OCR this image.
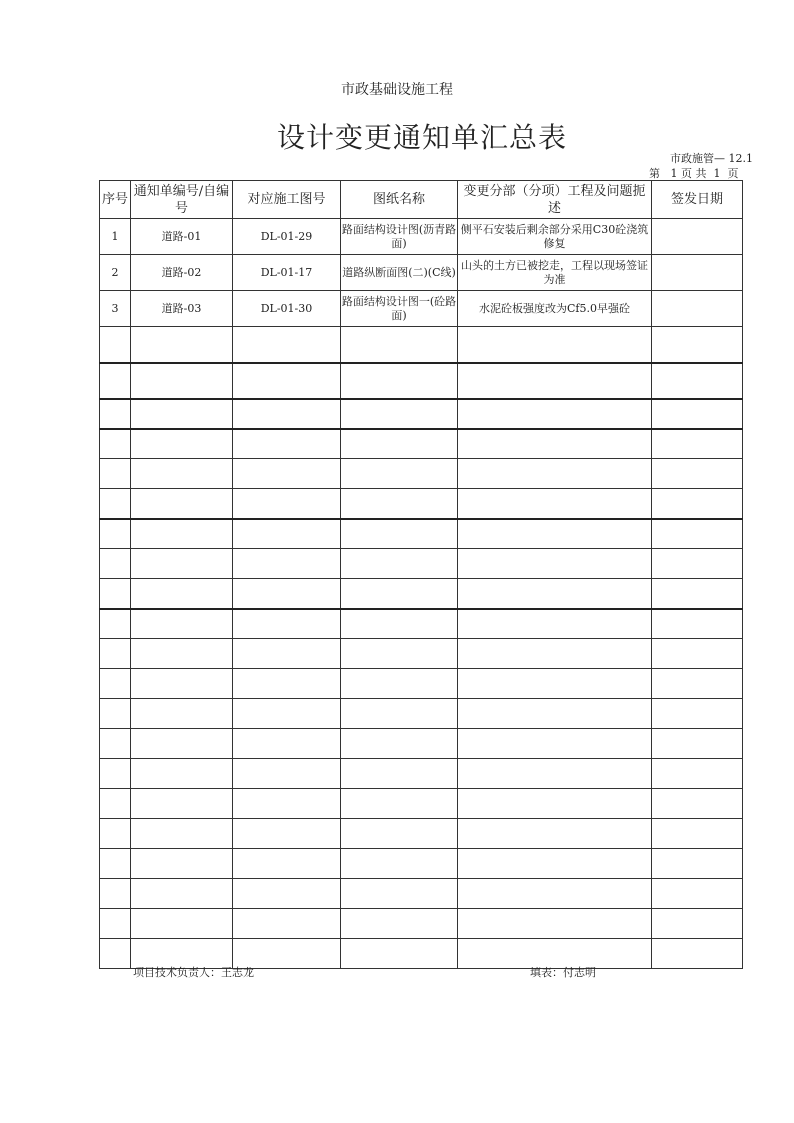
市政基础设施工程
设计变更通知单汇总表
市政施管— 12.1
第   1 页 共  1  页
序号	通知单编号/自编号	对应施工图号	图纸名称	变更分部（分项）工程及问题扼述	签发日期
1	道路-01	DL-01-29	路面结构设计图(沥青路面)	侧平石安装后剩余部分采用C30砼浇筑修复	
2	道路-02	DL-01-17	道路纵断面图(二)(C线)	山头的土方已被挖走，工程以现场签证为准	
3	道路-03	DL-01-30	路面结构设计图一(砼路面)	水泥砼板强度改为Cf5.0早强砼	

项目技术负责人：王志龙	填表：付志明
